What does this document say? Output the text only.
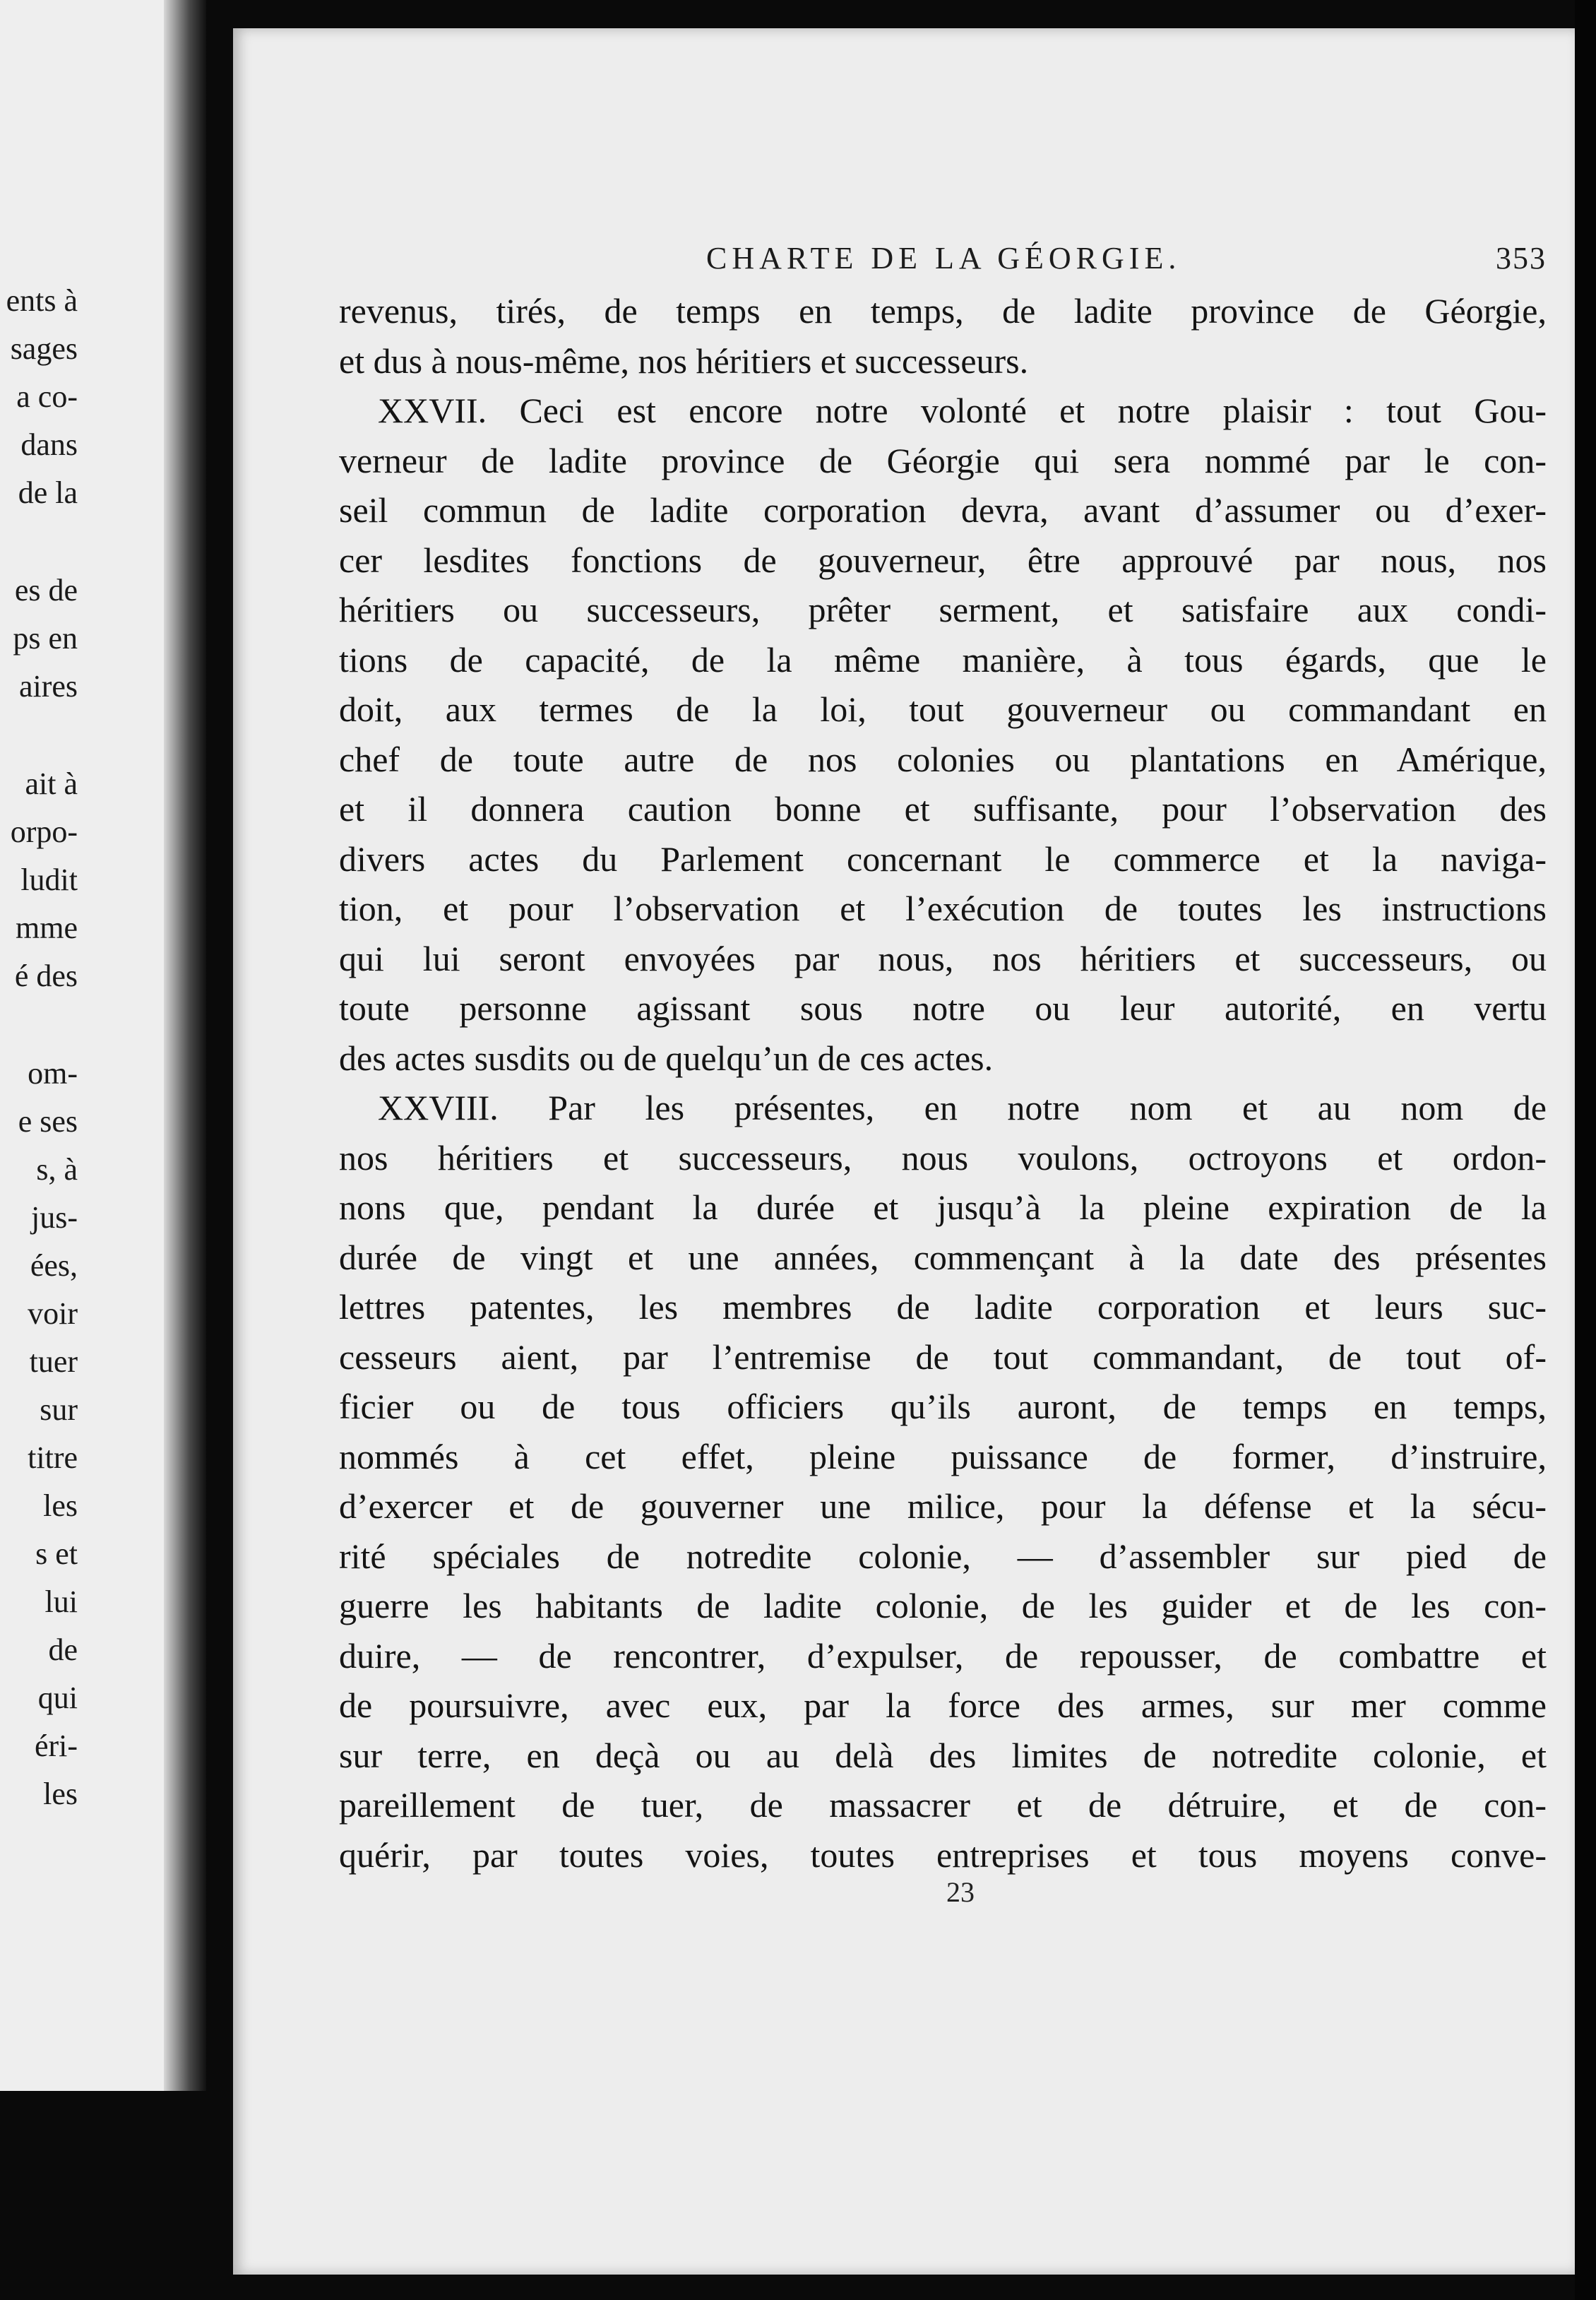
ents à
sages
a co-
dans
de la
es de
ps en
aires
ait à
orpo-
ludit
mme
é des
om-
e ses
s, à
jus-
ées,
voir
tuer
sur
titre
les
s et
lui
de
qui
éri-
les
CHARTE DE LA GÉORGIE.	353
revenus, tirés, de temps en temps, de ladite province de Géorgie,
et dus à nous-même, nos héritiers et successeurs.
XXVII. Ceci est encore notre volonté et notre plaisir : tout Gou-
verneur de ladite province de Géorgie qui sera nommé par le con-
seil commun de ladite corporation devra, avant d’assumer ou d’exer-
cer lesdites fonctions de gouverneur, être approuvé par nous, nos
héritiers ou successeurs, prêter serment, et satisfaire aux condi-
tions de capacité, de la même manière, à tous égards, que le
doit, aux termes de la loi, tout gouverneur ou commandant en
chef de toute autre de nos colonies ou plantations en Amérique,
et il donnera caution bonne et suffisante, pour l’observation des
divers actes du Parlement concernant le commerce et la naviga-
tion, et pour l’observation et l’exécution de toutes les instructions
qui lui seront envoyées par nous, nos héritiers et successeurs, ou
toute personne agissant sous notre ou leur autorité, en vertu
des actes susdits ou de quelqu’un de ces actes.
XXVIII. Par les présentes, en notre nom et au nom de
nos héritiers et successeurs, nous voulons, octroyons et ordon-
nons que, pendant la durée et jusqu’à la pleine expiration de la
durée de vingt et une années, commençant à la date des présentes
lettres patentes, les membres de ladite corporation et leurs suc-
cesseurs aient, par l’entremise de tout commandant, de tout of-
ficier ou de tous officiers qu’ils auront, de temps en temps,
nommés à cet effet, pleine puissance de former, d’instruire,
d’exercer et de gouverner une milice, pour la défense et la sécu-
rité spéciales de notredite colonie, — d’assembler sur pied de
guerre les habitants de ladite colonie, de les guider et de les con-
duire, — de rencontrer, d’expulser, de repousser, de combattre et
de poursuivre, avec eux, par la force des armes, sur mer comme
sur terre, en deçà ou au delà des limites de notredite colonie, et
pareillement de tuer, de massacrer et de détruire, et de con-
quérir, par toutes voies, toutes entreprises et tous moyens conve-
23
